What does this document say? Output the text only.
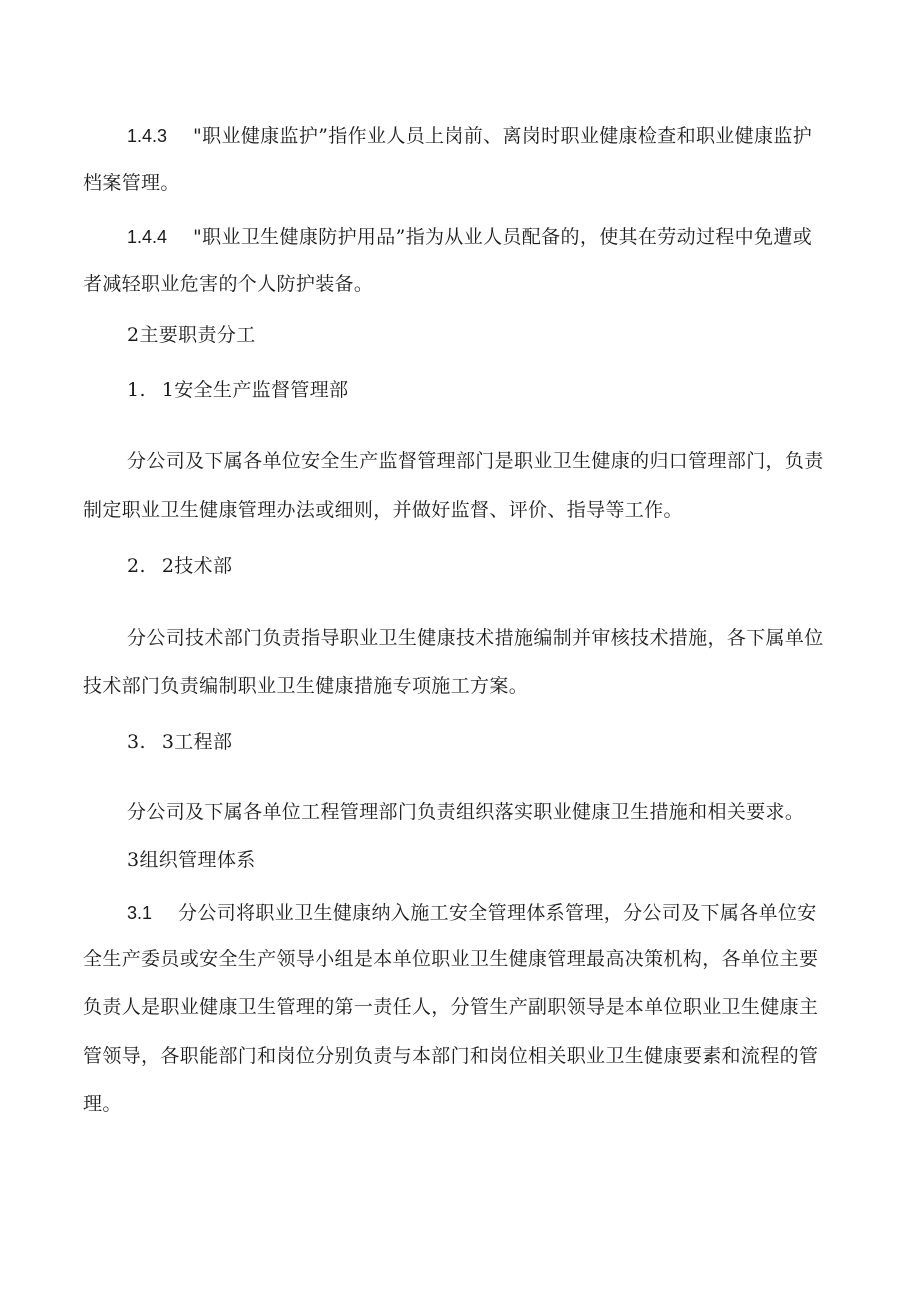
1.4.3 "职业健康监护”指作业人员上岗前、离岗时职业健康检查和职业健康监护
档案管理。
1.4.4 "职业卫生健康防护用品”指为从业人员配备的，使其在劳动过程中免遭或
者减轻职业危害的个人防护装备。
2主要职责分工
1. 1安全生产监督管理部
分公司及下属各单位安全生产监督管理部门是职业卫生健康的归口管理部门，负责
制定职业卫生健康管理办法或细则，并做好监督、评价、指导等工作。
2. 2技术部
分公司技术部门负责指导职业卫生健康技术措施编制并审核技术措施，各下属单位
技术部门负责编制职业卫生健康措施专项施工方案。
3. 3工程部
分公司及下属各单位工程管理部门负责组织落实职业健康卫生措施和相关要求。
3组织管理体系
3.1 分公司将职业卫生健康纳入施工安全管理体系管理，分公司及下属各单位安
全生产委员或安全生产领导小组是本单位职业卫生健康管理最高决策机构，各单位主要
负责人是职业健康卫生管理的第一责任人，分管生产副职领导是本单位职业卫生健康主
管领导，各职能部门和岗位分别负责与本部门和岗位相关职业卫生健康要素和流程的管
理。
